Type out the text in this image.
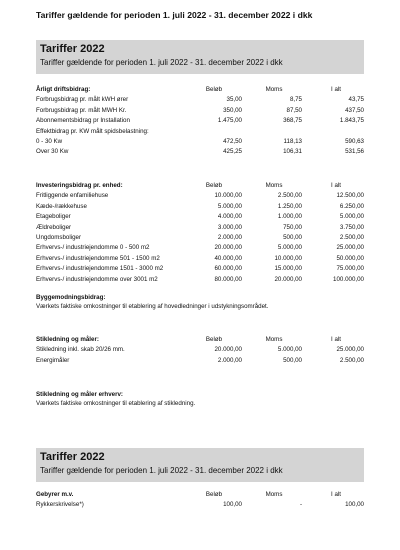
Tariffer gældende for perioden 1. juli 2022 - 31. december 2022 i dkk
Tariffer 2022
Tariffer gældende for perioden 1. juli 2022 - 31. december 2022 i dkk
Årligt driftsbidrag:	Beløb	Moms	I alt
Forbrugsbidrag pr. målt kWH ører	35,00	8,75	43,75
Forbrugsbidrag pr. målt MWH Kr.	350,00	87,50	437,50
Abonnementsbidrag pr Installation	1.475,00	368,75	1.843,75
Effektbidrag pr. KW målt spidsbelastning:
0 - 30 Kw	472,50	118,13	590,63
Over 30 Kw	425,25	106,31	531,56
Investeringsbidrag pr. enhed:	Beløb	Moms	I alt
Fritliggende enfamiliehuse	10.000,00	2.500,00	12.500,00
Kæde-/rækkehuse	5.000,00	1.250,00	6.250,00
Etageboliger	4.000,00	1.000,00	5.000,00
Ældreboliger	3.000,00	750,00	3.750,00
Ungdomsboliger	2.000,00	500,00	2.500,00
Erhvervs-/ industriejendomme 0 - 500 m2	20.000,00	5.000,00	25.000,00
Erhvervs-/ industriejendomme 501 - 1500 m2	40.000,00	10.000,00	50.000,00
Erhvervs-/ industriejendomme 1501 - 3000 m2	60.000,00	15.000,00	75.000,00
Erhvervs-/ industriejendomme over 3001 m2	80.000,00	20.000,00	100.000,00
Byggemodningsbidrag:
Værkets faktiske omkostninger til etablering af hovedledninger i udstykningsområdet.
Stikledning og måler:	Beløb	Moms	I alt
Stikledning inkl. skab 20/26 mm.	20.000,00	5.000,00	25.000,00
Energimåler	2.000,00	500,00	2.500,00
Stikledning og måler erhverv:
Værkets faktiske omkostninger til etablering af stikledning.
Tariffer 2022
Tariffer gældende for perioden 1. juli 2022 - 31. december 2022 i dkk
Gebyrer m.v.	Beløb	Moms	I alt
Rykkerskrivelse*)	100,00	-	100,00
